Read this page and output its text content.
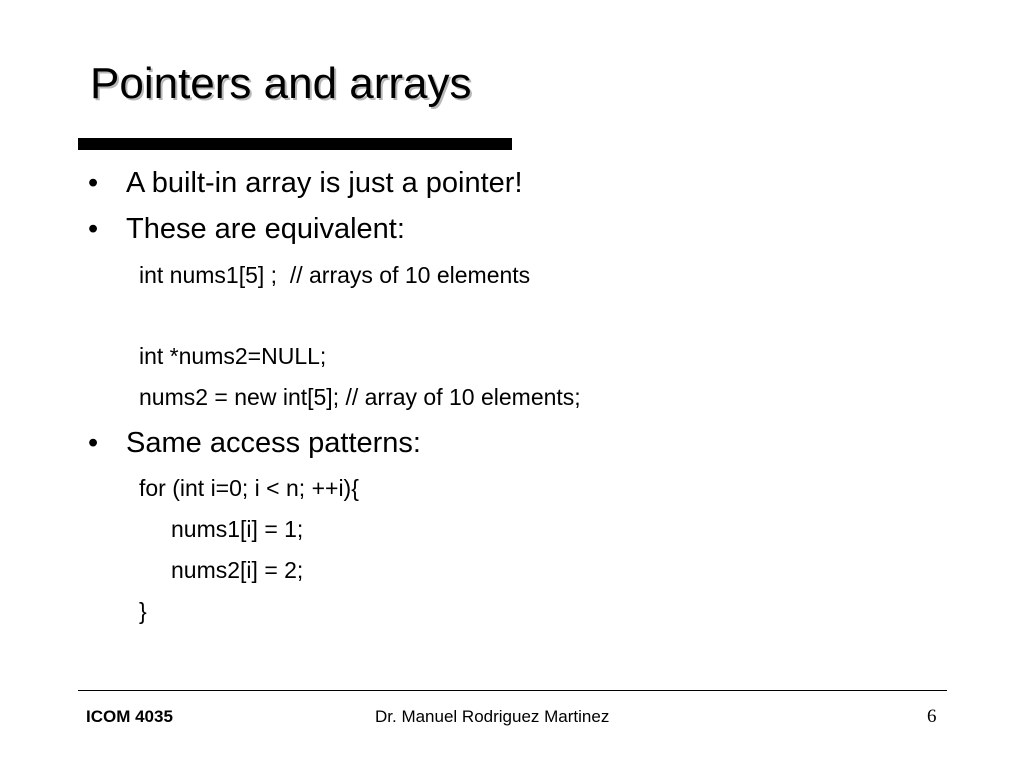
Pointers and arrays
• A built-in array is just a pointer!
• These are equivalent:
int nums1[5] ;  // arrays of 10 elements
int *nums2=NULL;
nums2 = new int[5]; // array of 10 elements;
• Same access patterns:
for (int i=0; i < n; ++i){
nums1[i] = 1;
nums2[i] = 2;
}
ICOM 4035	Dr. Manuel Rodriguez Martinez	6
